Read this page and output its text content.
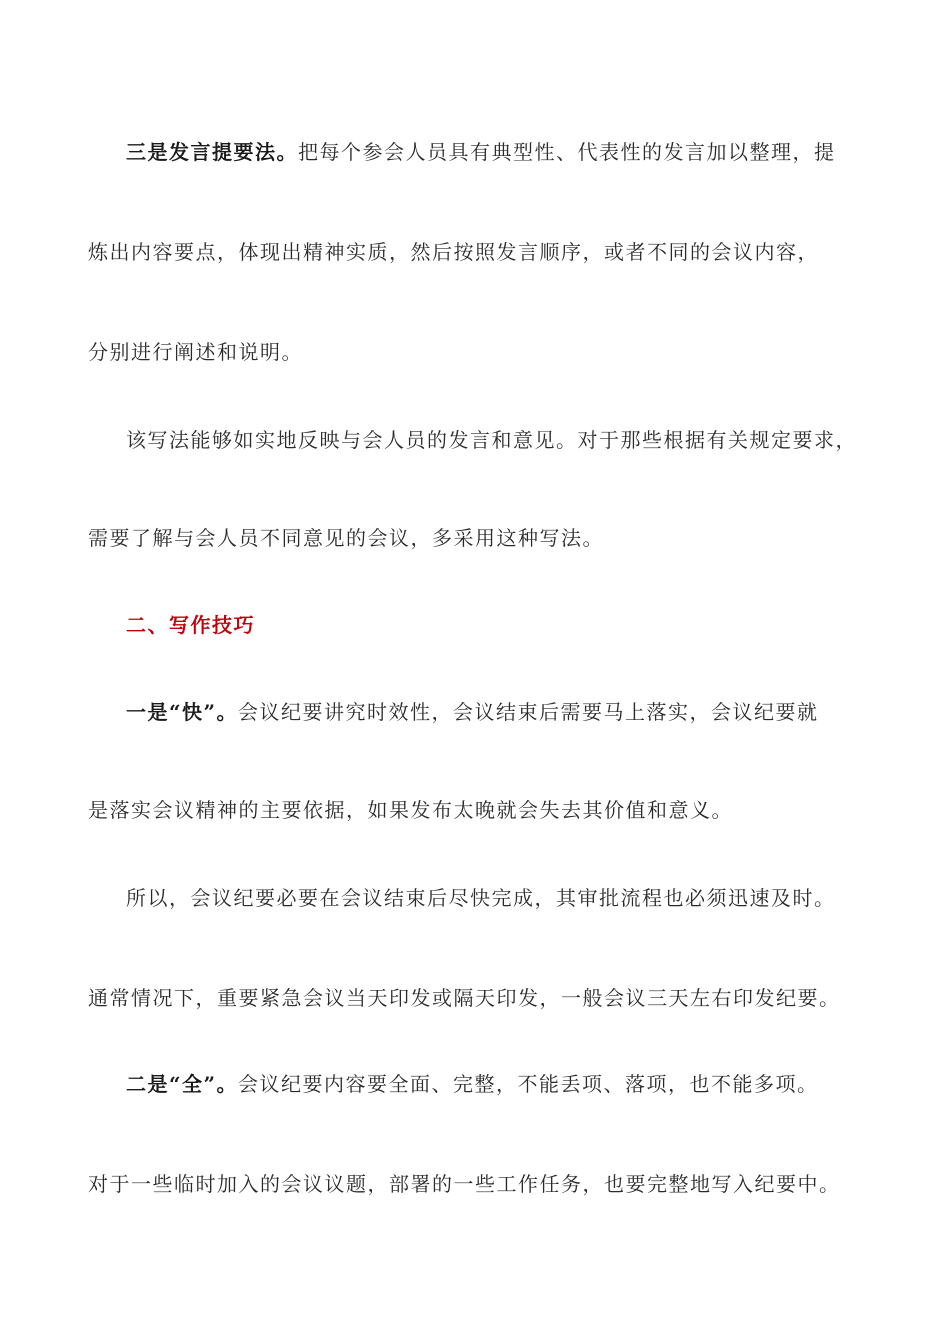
三是发言提要法。把每个参会人员具有典型性、代表性的发言加以整理，提
炼出内容要点，体现出精神实质，然后按照发言顺序，或者不同的会议内容，
分别进行阐述和说明。
该写法能够如实地反映与会人员的发言和意见。对于那些根据有关规定要求，
需要了解与会人员不同意见的会议，多采用这种写法。
二、写作技巧
一是“快”。会议纪要讲究时效性，会议结束后需要马上落实，会议纪要就
是落实会议精神的主要依据，如果发布太晚就会失去其价值和意义。
所以，会议纪要必要在会议结束后尽快完成，其审批流程也必须迅速及时。
通常情况下，重要紧急会议当天印发或隔天印发，一般会议三天左右印发纪要。
二是“全”。会议纪要内容要全面、完整，不能丢项、落项，也不能多项。
对于一些临时加入的会议议题，部署的一些工作任务，也要完整地写入纪要中。
